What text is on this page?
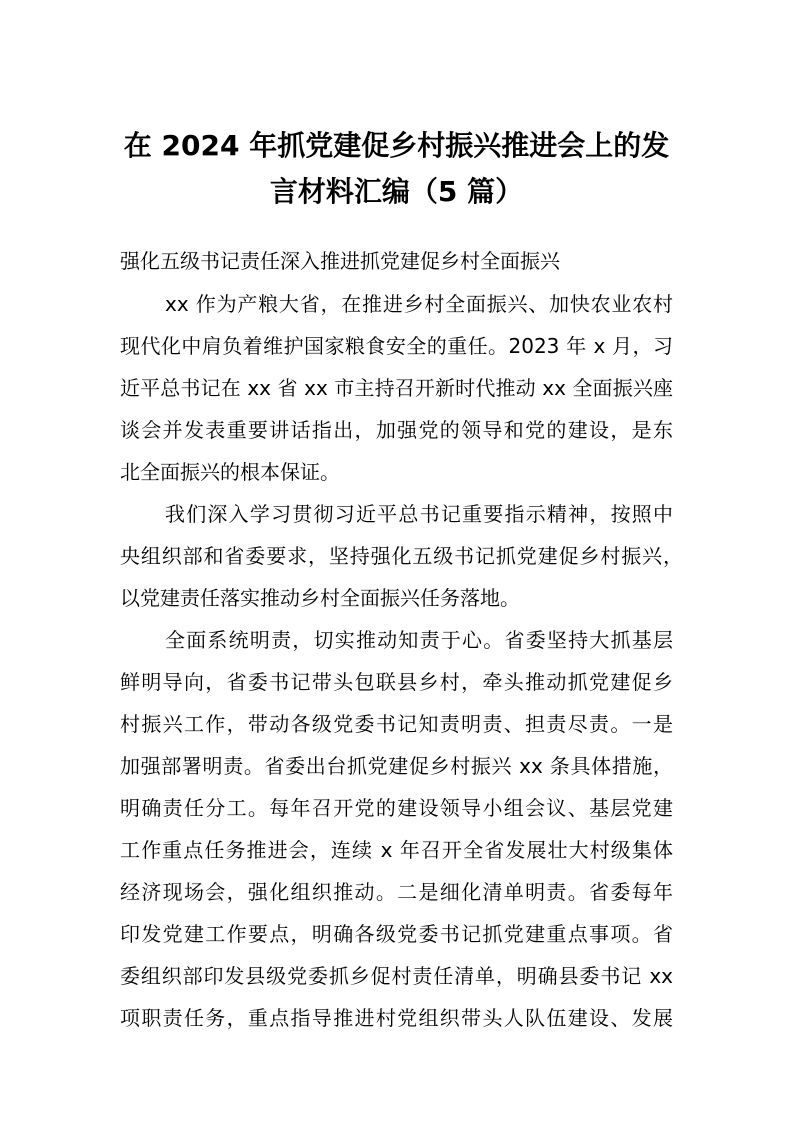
在 2024 年抓党建促乡村振兴推进会上的发
言材料汇编（5 篇）

强化五级书记责任深入推进抓党建促乡村全面振兴

xx 作为产粮大省，在推进乡村全面振兴、加快农业农村

现代化中肩负着维护国家粮食安全的重任。2023 年 x 月，习

近平总书记在 xx 省 xx 市主持召开新时代推动 xx 全面振兴座

谈会并发表重要讲话指出，加强党的领导和党的建设，是东

北全面振兴的根本保证。

我们深入学习贯彻习近平总书记重要指示精神，按照中

央组织部和省委要求，坚持强化五级书记抓党建促乡村振兴，

以党建责任落实推动乡村全面振兴任务落地。

全面系统明责，切实推动知责于心。省委坚持大抓基层

鲜明导向，省委书记带头包联县乡村，牵头推动抓党建促乡

村振兴工作，带动各级党委书记知责明责、担责尽责。一是

加强部署明责。省委出台抓党建促乡村振兴 xx 条具体措施，

明确责任分工。每年召开党的建设领导小组会议、基层党建

工作重点任务推进会，连续 x 年召开全省发展壮大村级集体

经济现场会，强化组织推动。二是细化清单明责。省委每年

印发党建工作要点，明确各级党委书记抓党建重点事项。省

委组织部印发县级党委抓乡促村责任清单，明确县委书记 xx

项职责任务，重点指导推进村党组织带头人队伍建设、发展
